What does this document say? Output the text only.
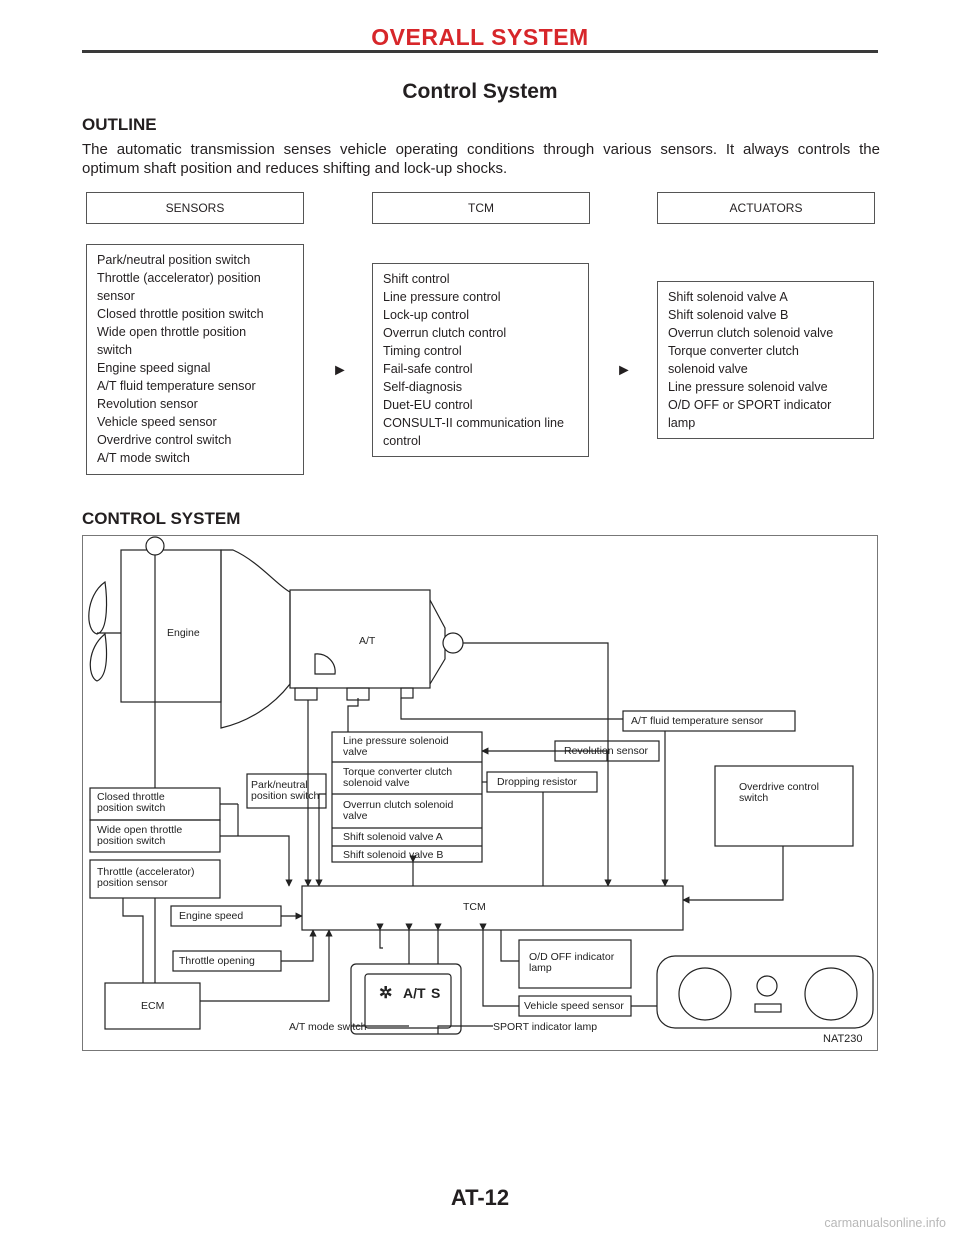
OVERALL SYSTEM
Control System
OUTLINE
The automatic transmission senses vehicle operating conditions through various sensors. It always controls the optimum shaft position and reduces shifting and lock-up shocks.
SENSORS	TCM	ACTUATORS
Park/neutral position switch
Throttle (accelerator) position
sensor
Closed throttle position switch
Wide open throttle position
switch
Engine speed signal
A/T fluid temperature sensor
Revolution sensor
Vehicle speed sensor
Overdrive control switch
A/T mode switch
►
Shift control
Line pressure control
Lock-up control
Overrun clutch control
Timing control
Fail-safe control
Self-diagnosis
Duet-EU control
CONSULT-II communication line
control
►
Shift solenoid valve A
Shift solenoid valve B
Overrun clutch solenoid valve
Torque converter clutch
solenoid valve
Line pressure solenoid valve
O/D OFF or SPORT indicator
lamp
CONTROL SYSTEM
Engine
A/T
A/T fluid temperature sensor
Line pressure solenoid
valve
Torque converter clutch
solenoid valve
Overrun clutch solenoid
valve
Shift solenoid valve A
Shift solenoid valve B
Revolution sensor
Dropping resistor	Overdrive control
switch
Park/neutral
position switch
Closed throttle
position switch
Wide open throttle
position switch
Throttle (accelerator)
position sensor
Engine speed
Throttle opening
TCM
ECM
O/D OFF indicator
lamp
Vehicle speed sensor
A/T mode switch	SPORT indicator lamp
✲ A/T S
NAT230
AT-12
carmanualsonline.info
